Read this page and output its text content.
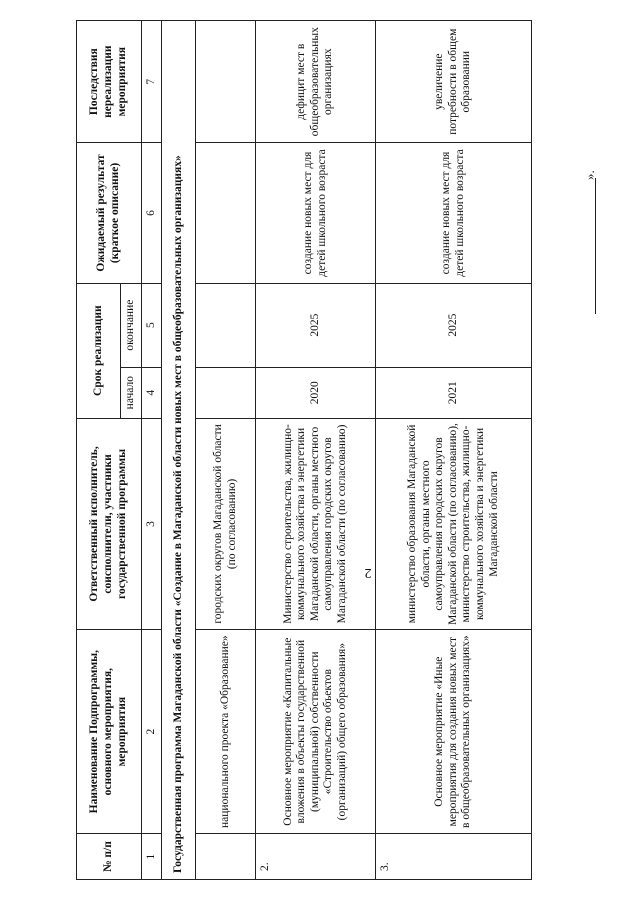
2
№ п/п	Наименование Подпрограммы, основного мероприятия, мероприятия	Ответственный исполнитель, соисполнители, участники государственной программы	Срок реализации		Ожидаемый результат (краткое описание)	Последствия нереализации мероприятия
			начало	окончание		
1	2	3	4	5	6	7
Государственная программа Магаданской области «Создание в Магаданской области новых мест в общеобразовательных организациях»						
	национального проекта «Образование»	городских округов Магаданской области (по согласованию)				
2.	Основное мероприятие «Капитальные вложения в объекты государственной (муниципальной) собственности «Строительство объектов (организаций) общего образования»	Министерство строительства, жилищно-коммунального хозяйства и энергетики Магаданской области, органы местного самоуправления городских округов Магаданской области (по согласованию)	2020	2025	создание новых мест для детей школьного возраста	дефицит мест в общеобразовательных организациях
3.	Основное мероприятие «Иные мероприятия для создания новых мест в общеобразовательных организациях»	министерство образования Магаданской области, органы местного самоуправления городских округов Магаданской области (по согласованию), министерство строительства, жилищно-коммунального хозяйства и энергетики Магаданской области	2021	2025	создание новых мест для детей школьного возраста	увеличение потребности в общем образовании
».
